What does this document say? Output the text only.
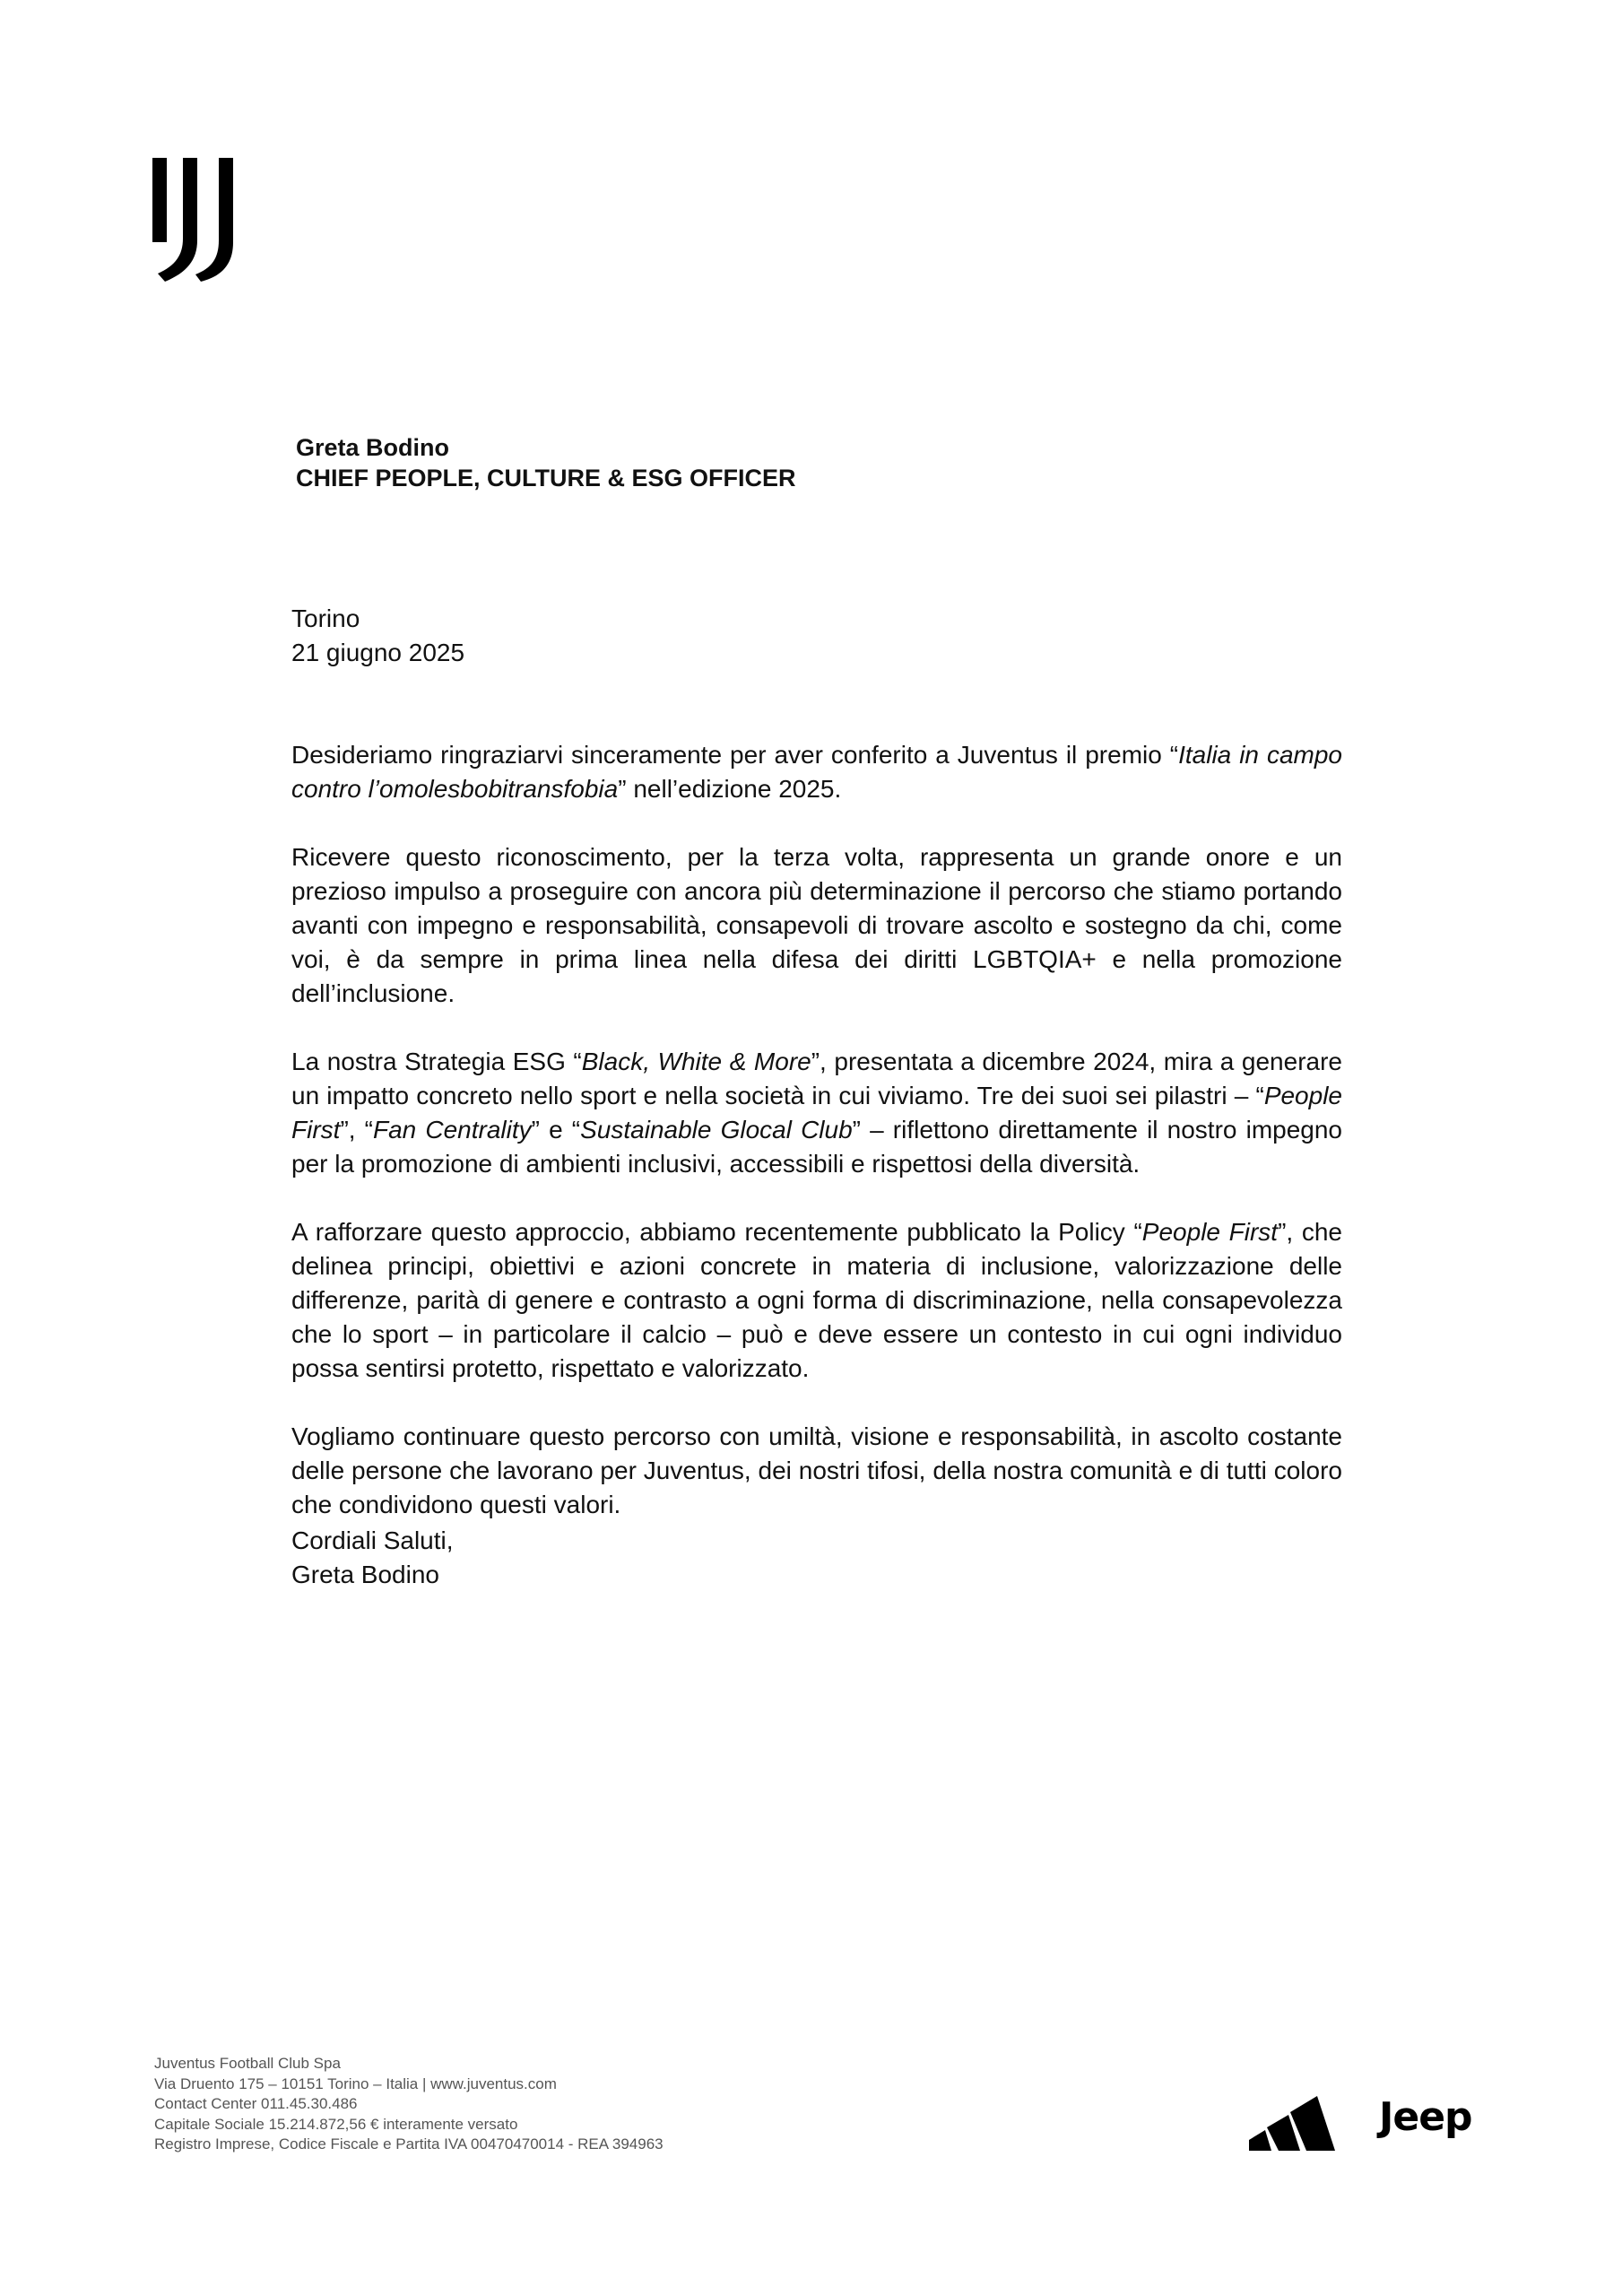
Greta Bodino
CHIEF PEOPLE, CULTURE & ESG OFFICER
Torino
21 giugno 2025

Desideriamo ringraziarvi sinceramente per aver conferito a Juventus il premio “Italia in campo contro l’omolesbobitransfobia” nell’edizione 2025.

Ricevere questo riconoscimento, per la terza volta, rappresenta un grande onore e un prezioso impulso a proseguire con ancora più determinazione il percorso che stiamo portando avanti con impegno e responsabilità, consapevoli di trovare ascolto e sostegno da chi, come voi, è da sempre in prima linea nella difesa dei diritti LGBTQIA+ e nella promozione dell’inclusione.

La nostra Strategia ESG “Black, White & More”, presentata a dicembre 2024, mira a generare un impatto concreto nello sport e nella società in cui viviamo. Tre dei suoi sei pilastri – “People First”, “Fan Centrality” e “Sustainable Glocal Club” – riflettono direttamente il nostro impegno per la promozione di ambienti inclusivi, accessibili e rispettosi della diversità.

A rafforzare questo approccio, abbiamo recentemente pubblicato la Policy “People First”, che delinea principi, obiettivi e azioni concrete in materia di inclusione, valorizzazione delle differenze, parità di genere e contrasto a ogni forma di discriminazione, nella consapevolezza che lo sport – in particolare il calcio – può e deve essere un contesto in cui ogni individuo possa sentirsi protetto, rispettato e valorizzato.

Vogliamo continuare questo percorso con umiltà, visione e responsabilità, in ascolto costante delle persone che lavorano per Juventus, dei nostri tifosi, della nostra comunità e di tutti coloro che condividono questi valori.

Cordiali Saluti,
Greta Bodino
Juventus Football Club Spa
Via Druento 175 – 10151 Torino – Italia | www.juventus.com
Contact Center 011.45.30.486
Capitale Sociale 15.214.872,56 € interamente versato
Registro Imprese, Codice Fiscale e Partita IVA 00470470014 - REA 394963
Jeep
